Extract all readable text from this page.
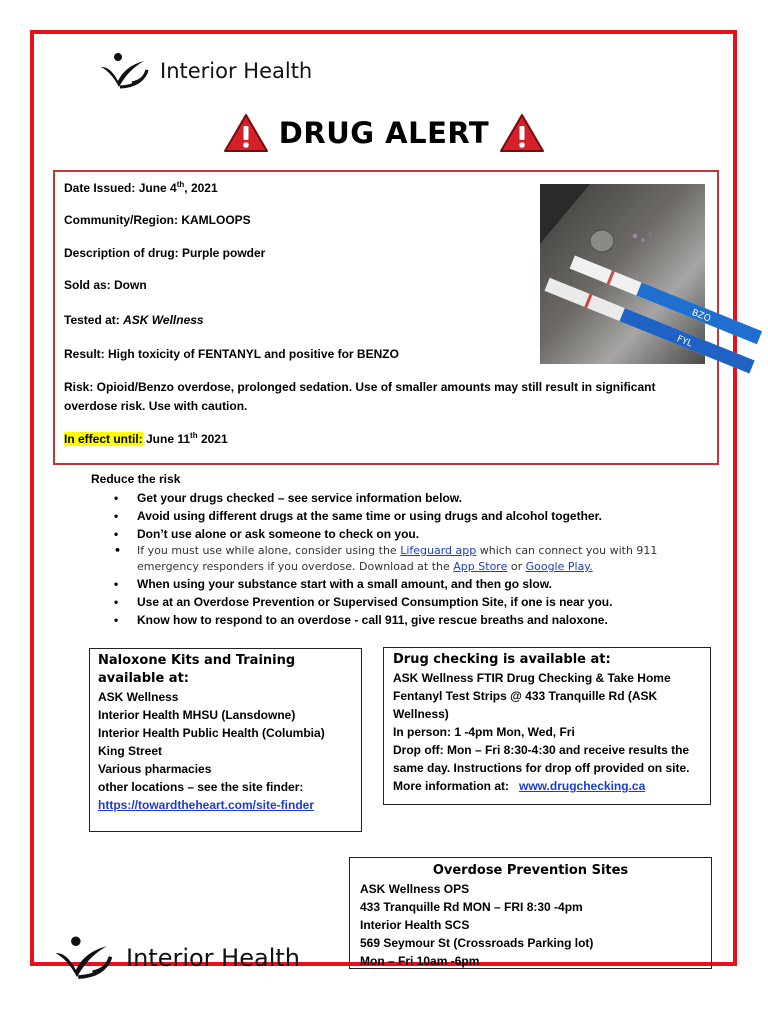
Interior Health
DRUG ALERT
Date Issued: June 4th, 2021
Community/Region: KAMLOOPS
Description of drug: Purple powder
Sold as: Down
Tested at: ASK Wellness
Result: High toxicity of FENTANYL and positive for BENZO
Risk: Opioid/Benzo overdose, prolonged sedation. Use of smaller amounts may still result in significant overdose risk. Use with caution.
In effect until: June 11th 2021
BZO
FYL
Reduce the risk
• Get your drugs checked – see service information below.
• Avoid using different drugs at the same time or using drugs and alcohol together.
• Don’t use alone or ask someone to check on you.
• If you must use while alone, consider using the Lifeguard app which can connect you with 911
emergency responders if you overdose. Download at the App Store or Google Play.
• When using your substance start with a small amount, and then go slow.
• Use at an Overdose Prevention or Supervised Consumption Site, if one is near you.
• Know how to respond to an overdose - call 911, give rescue breaths and naloxone.
Naloxone Kits and Training
available at:
ASK Wellness
Interior Health MHSU (Lansdowne)
Interior Health Public Health (Columbia)
King Street
Various pharmacies
other locations – see the site finder:
https://towardtheheart.com/site-finder
Drug checking is available at:
ASK Wellness FTIR Drug Checking & Take Home
Fentanyl Test Strips @ 433 Tranquille Rd (ASK
Wellness)
In person: 1 -4pm Mon, Wed, Fri
Drop off: Mon – Fri 8:30-4:30 and receive results the
same day. Instructions for drop off provided on site.
More information at:   www.drugchecking.ca
Overdose Prevention Sites
ASK Wellness OPS
433 Tranquille Rd MON – FRI 8:30 -4pm
Interior Health SCS
569 Seymour St (Crossroads Parking lot)
Mon – Fri 10am -6pm
Interior Health
